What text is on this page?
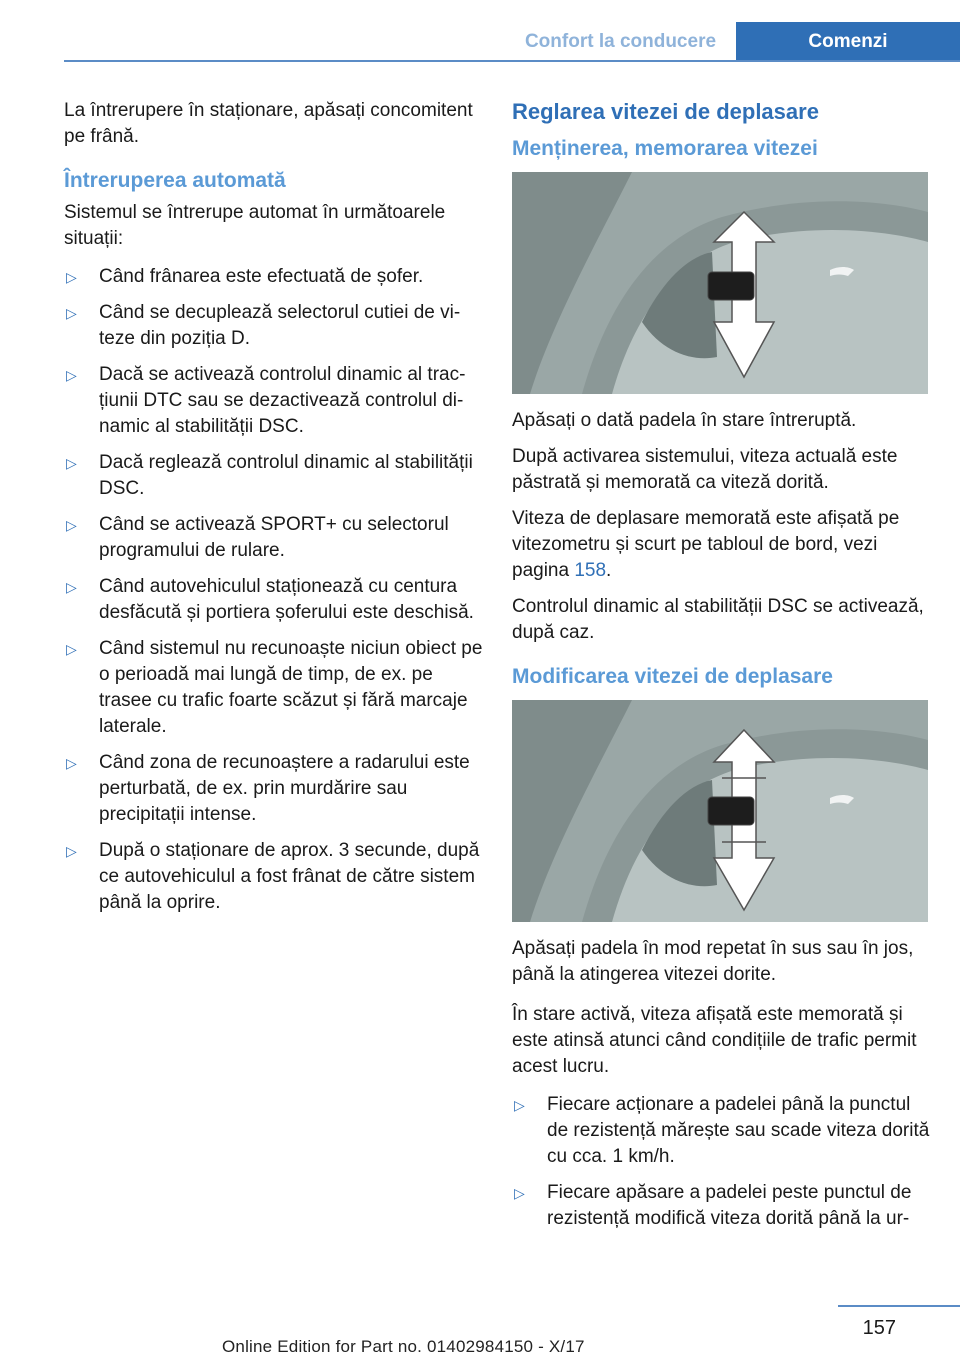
Confort la conducere	Comenzi

La întrerupere în staționare, apăsați concomitent pe frână.

Întreruperea automată

Sistemul se întrerupe automat în următoarele situații:

▷ Când frânarea este efectuată de șofer.
▷ Când se decuplează selectorul cutiei de viteze din poziția D.
▷ Dacă se activează controlul dinamic al tracțiunii DTC sau se dezactivează controlul dinamic al stabilității DSC.
▷ Dacă reglează controlul dinamic al stabilității DSC.
▷ Când se activează SPORT+ cu selectorul programului de rulare.
▷ Când autovehiculul staționează cu centura desfăcută și portiera șoferului este deschisă.
▷ Când sistemul nu recunoaște niciun obiect pe o perioadă mai lungă de timp, de ex. pe trasee cu trafic foarte scăzut și fără marcaje laterale.
▷ Când zona de recunoaștere a radarului este perturbată, de ex. prin murdărire sau precipitații intense.
▷ După o staționare de aprox. 3 secunde, după ce autovehiculul a fost frânat de către sistem până la oprire.
Reglarea vitezei de deplasare
Menținerea, memorarea vitezei

Apăsați o dată padela în stare întreruptă.

După activarea sistemului, viteza actuală este păstrată și memorată ca viteză dorită.

Viteza de deplasare memorată este afișată pe vitezometru și scurt pe tabloul de bord, vezi pagina 158.

Controlul dinamic al stabilității DSC se activează, după caz.

Modificarea vitezei de deplasare

Apăsați padela în mod repetat în sus sau în jos, până la atingerea vitezei dorite.

În stare activă, viteza afișată este memorată și este atinsă atunci când condițiile de trafic permit acest lucru.

▷ Fiecare acționare a padelei până la punctul de rezistență mărește sau scade viteza dorită cu cca. 1 km/h.
▷ Fiecare apăsare a padelei peste punctul de rezistență modifică viteza dorită până la ur-
157
Online Edition for Part no. 01402984150 - X/17
